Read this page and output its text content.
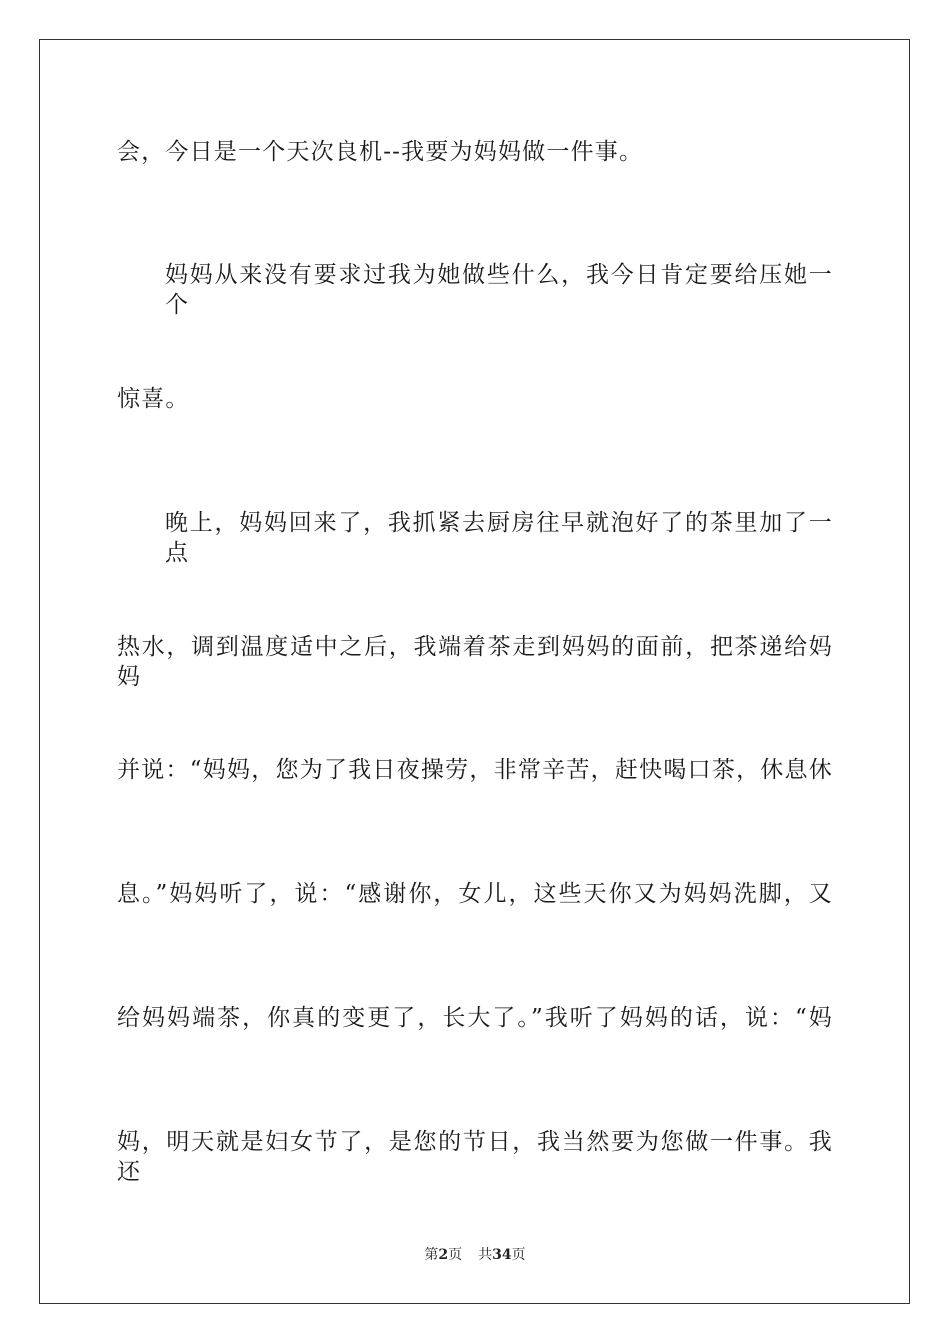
会，今日是一个天次良机--我要为妈妈做一件事。
妈妈从来没有要求过我为她做些什么，我今日肯定要给压她一个
惊喜。
晚上，妈妈回来了，我抓紧去厨房往早就泡好了的茶里加了一点
热水，调到温度适中之后，我端着茶走到妈妈的面前，把茶递给妈妈
并说：“妈妈，您为了我日夜操劳，非常辛苦，赶快喝口茶，休息休
息。”妈妈听了，说：“感谢你，女儿，这些天你又为妈妈洗脚，又
给妈妈端茶，你真的变更了，长大了。”我听了妈妈的话，说：“妈
妈，明天就是妇女节了，是您的节日，我当然要为您做一件事。我还
第2页 共34页
